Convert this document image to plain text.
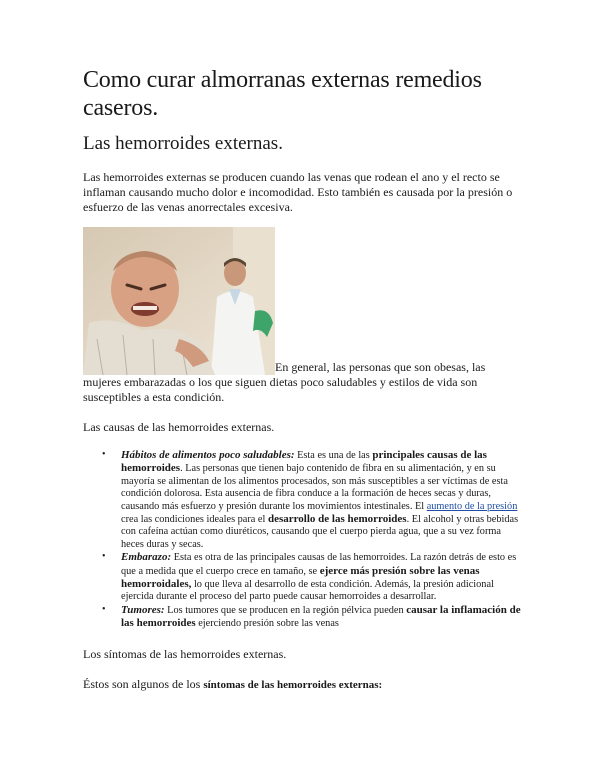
Como curar almorranas externas remedios caseros.
Las hemorroides externas.

Las hemorroides externas se producen cuando las venas que rodean el ano y el recto se inflaman causando mucho dolor e incomodidad. Esto también es causada por la presión o esfuerzo de las venas anorrectales excesiva.

En general, las personas que son obesas, las mujeres embarazadas o los que siguen dietas poco saludables y estilos de vida son susceptibles a esta condición.

Las causas de las hemorroides externas.

• Hábitos de alimentos poco saludables: Esta es una de las principales causas de las hemorroides. Las personas que tienen bajo contenido de fibra en su alimentación, y en su mayoría se alimentan de los alimentos procesados, son más susceptibles a ser víctimas de esta condición dolorosa. Esta ausencia de fibra conduce a la formación de heces secas y duras, causando más esfuerzo y presión durante los movimientos intestinales. El aumento de la presión crea las condiciones ideales para el desarrollo de las hemorroides. El alcohol y otras bebidas con cafeína actúan como diuréticos, causando que el cuerpo pierda agua, que a su vez forma heces duras y secas.
• Embarazo: Esta es otra de las principales causas de las hemorroides. La razón detrás de esto es que a medida que el cuerpo crece en tamaño, se ejerce más presión sobre las venas hemorroidales, lo que lleva al desarrollo de esta condición. Además, la presión adicional ejercida durante el proceso del parto puede causar hemorroides a desarrollar.
• Tumores: Los tumores que se producen en la región pélvica pueden causar la inflamación de las hemorroides ejerciendo presión sobre las venas

Los síntomas de las hemorroides externas.

Éstos son algunos de los síntomas de las hemorroides externas:
